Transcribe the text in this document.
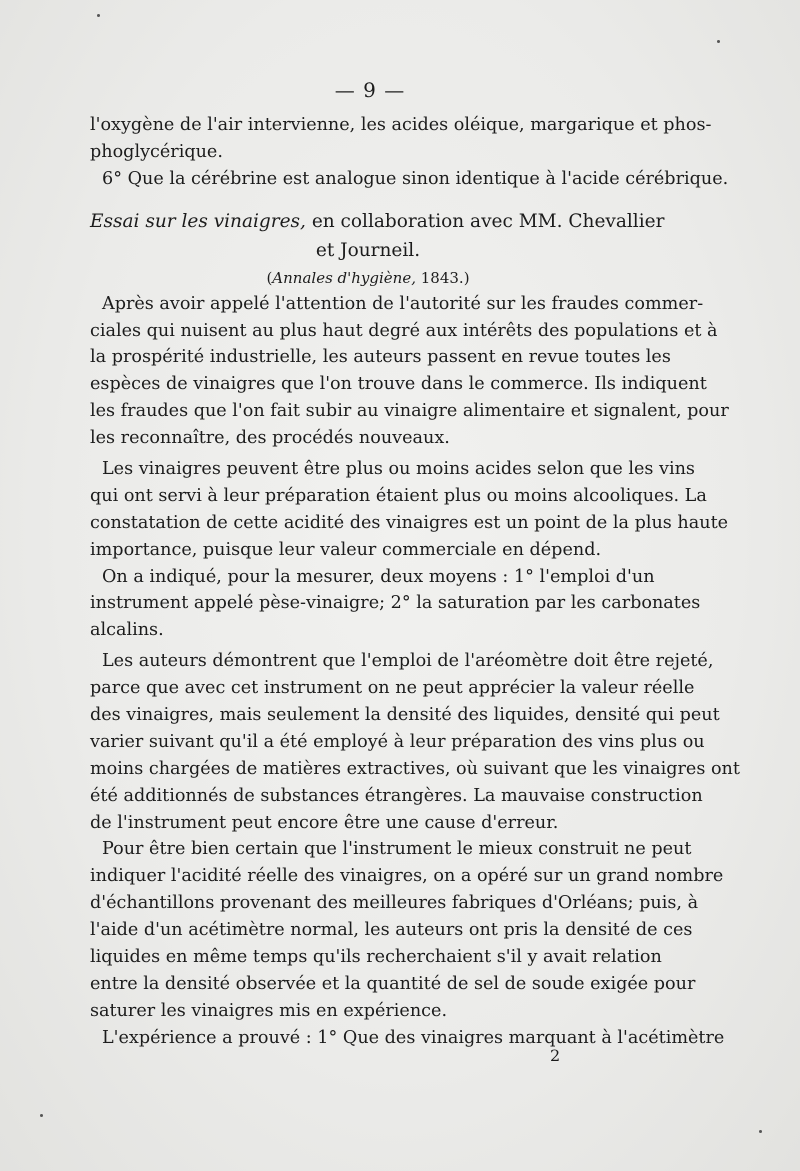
— 9 —
l'oxygène de l'air intervienne, les acides oléique, margarique et phos-
phoglycérique.
6° Que la cérébrine est analogue sinon identique à l'acide cérébrique.
Essai sur les vinaigres, en collaboration avec MM. Chevallier
et Journeil.
(Annales d'hygiène, 1843.)
Après avoir appelé l'attention de l'autorité sur les fraudes commer-
ciales qui nuisent au plus haut degré aux intérêts des populations et à
la prospérité industrielle, les auteurs passent en revue toutes les
espèces de vinaigres que l'on trouve dans le commerce. Ils indiquent
les fraudes que l'on fait subir au vinaigre alimentaire et signalent, pour
les reconnaître, des procédés nouveaux.
Les vinaigres peuvent être plus ou moins acides selon que les vins
qui ont servi à leur préparation étaient plus ou moins alcooliques. La
constatation de cette acidité des vinaigres est un point de la plus haute
importance, puisque leur valeur commerciale en dépend.
On a indiqué, pour la mesurer, deux moyens : 1° l'emploi d'un
instrument appelé pèse-vinaigre; 2° la saturation par les carbonates
alcalins.
Les auteurs démontrent que l'emploi de l'aréomètre doit être rejeté,
parce que avec cet instrument on ne peut apprécier la valeur réelle
des vinaigres, mais seulement la densité des liquides, densité qui peut
varier suivant qu'il a été employé à leur préparation des vins plus ou
moins chargées de matières extractives, où suivant que les vinaigres ont
été additionnés de substances étrangères. La mauvaise construction
de l'instrument peut encore être une cause d'erreur.
Pour être bien certain que l'instrument le mieux construit ne peut
indiquer l'acidité réelle des vinaigres, on a opéré sur un grand nombre
d'échantillons provenant des meilleures fabriques d'Orléans; puis, à
l'aide d'un acétimètre normal, les auteurs ont pris la densité de ces
liquides en même temps qu'ils recherchaient s'il y avait relation
entre la densité observée et la quantité de sel de soude exigée pour
saturer les vinaigres mis en expérience.
L'expérience a prouvé : 1° Que des vinaigres marquant à l'acétimètre
2
